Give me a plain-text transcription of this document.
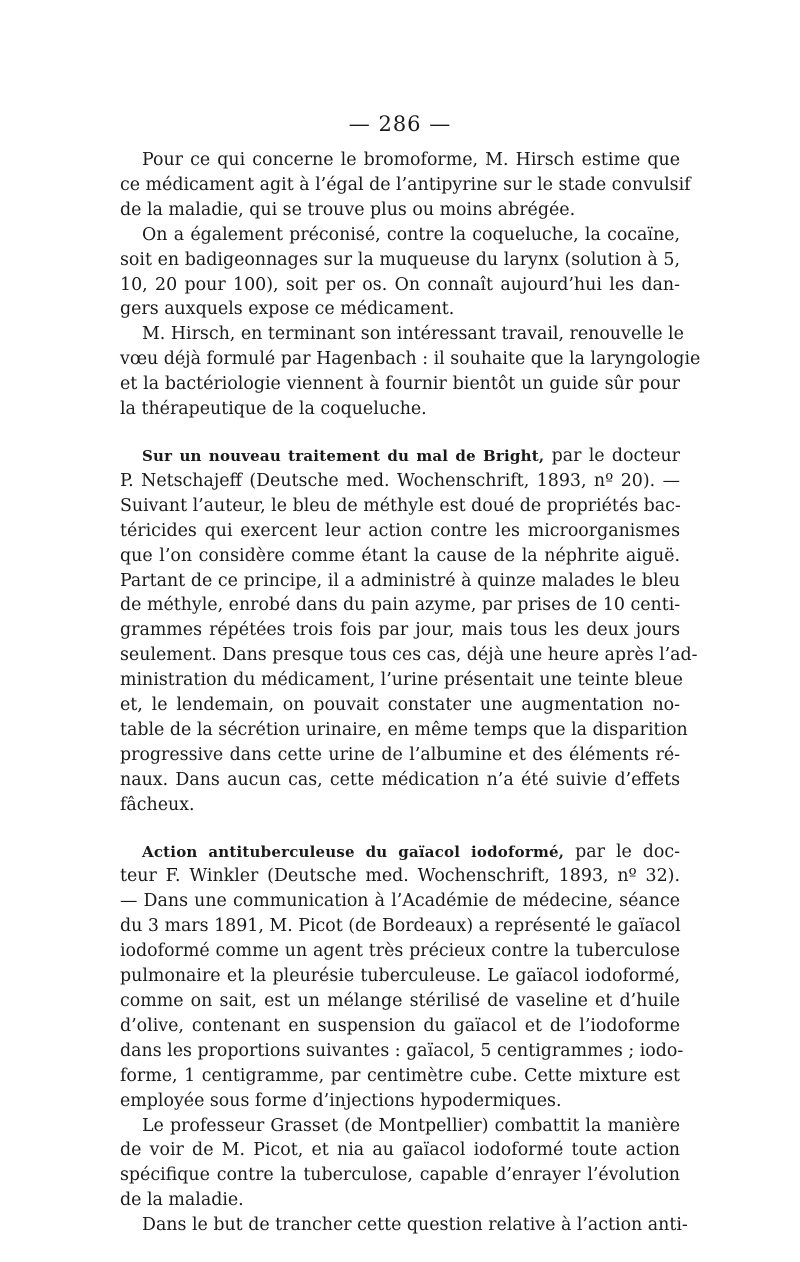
— 286 —
Pour ce qui concerne le bromoforme, M. Hirsch estime que
ce médicament agit à l’égal de l’antipyrine sur le stade convulsif
de la maladie, qui se trouve plus ou moins abrégée.
On a également préconisé, contre la coqueluche, la cocaïne,
soit en badigeonnages sur la muqueuse du larynx (solution à 5,
10, 20 pour 100), soit per os. On connaît aujourd’hui les dan-
gers auxquels expose ce médicament.
M. Hirsch, en terminant son intéressant travail, renouvelle le
vœu déjà formulé par Hagenbach : il souhaite que la laryngologie
et la bactériologie viennent à fournir bientôt un guide sûr pour
la thérapeutique de la coqueluche.
Sur un nouveau traitement du mal de Bright, par le docteur
P. Netschajeff (Deutsche med. Wochenschrift, 1893, nº 20). —
Suivant l’auteur, le bleu de méthyle est doué de propriétés bac-
téricides qui exercent leur action contre les microorganismes
que l’on considère comme étant la cause de la néphrite aiguë.
Partant de ce principe, il a administré à quinze malades le bleu
de méthyle, enrobé dans du pain azyme, par prises de 10 centi-
grammes répétées trois fois par jour, mais tous les deux jours
seulement. Dans presque tous ces cas, déjà une heure après l’ad-
ministration du médicament, l’urine présentait une teinte bleue
et, le lendemain, on pouvait constater une augmentation no-
table de la sécrétion urinaire, en même temps que la disparition
progressive dans cette urine de l’albumine et des éléments ré-
naux. Dans aucun cas, cette médication n’a été suivie d’effets
fâcheux.
Action antituberculeuse du gaïacol iodoformé, par le doc-
teur F. Winkler (Deutsche med. Wochenschrift, 1893, nº 32).
— Dans une communication à l’Académie de médecine, séance
du 3 mars 1891, M. Picot (de Bordeaux) a représenté le gaïacol
iodoformé comme un agent très précieux contre la tuberculose
pulmonaire et la pleurésie tuberculeuse. Le gaïacol iodoformé,
comme on sait, est un mélange stérilisé de vaseline et d’huile
d’olive, contenant en suspension du gaïacol et de l’iodoforme
dans les proportions suivantes : gaïacol, 5 centigrammes ; iodo-
forme, 1 centigramme, par centimètre cube. Cette mixture est
employée sous forme d’injections hypodermiques.
Le professeur Grasset (de Montpellier) combattit la manière
de voir de M. Picot, et nia au gaïacol iodoformé toute action
spécifique contre la tuberculose, capable d’enrayer l’évolution
de la maladie.
Dans le but de trancher cette question relative à l’action anti-
